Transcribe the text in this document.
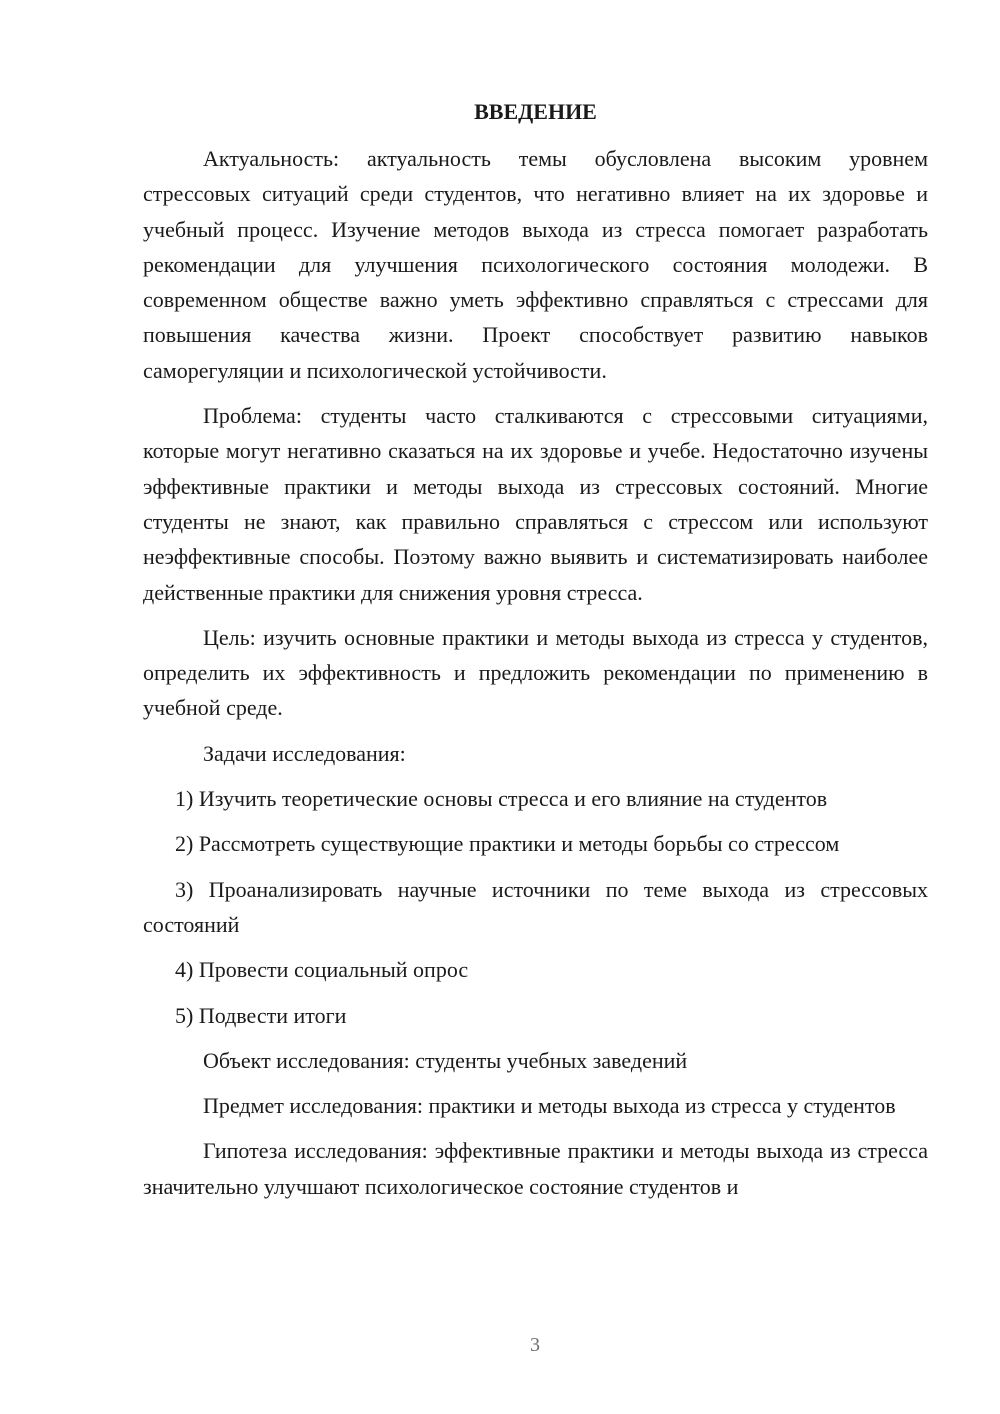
ВВЕДЕНИЕ

Актуальность: актуальность темы обусловлена высоким уровнем стрессовых ситуаций среди студентов, что негативно влияет на их здоровье и учебный процесс. Изучение методов выхода из стресса помогает разработать рекомендации для улучшения психологического состояния молодежи. В современном обществе важно уметь эффективно справляться с стрессами для повышения качества жизни. Проект способствует развитию навыков саморегуляции и психологической устойчивости.

Проблема: студенты часто сталкиваются с стрессовыми ситуациями, которые могут негативно сказаться на их здоровье и учебе. Недостаточно изучены эффективные практики и методы выхода из стрессовых состояний. Многие студенты не знают, как правильно справляться с стрессом или используют неэффективные способы. Поэтому важно выявить и систематизировать наиболее действенные практики для снижения уровня стресса.

Цель: изучить основные практики и методы выхода из стресса у студентов, определить их эффективность и предложить рекомендации по применению в учебной среде.

Задачи исследования:

1) Изучить теоретические основы стресса и его влияние на студентов
2) Рассмотреть существующие практики и методы борьбы со стрессом
3) Проанализировать научные источники по теме выхода из стрессовых состояний
4) Провести социальный опрос
5) Подвести итоги

Объект исследования: студенты учебных заведений

Предмет исследования: практики и методы выхода из стресса у студентов

Гипотеза исследования: эффективные практики и методы выхода из стресса значительно улучшают психологическое состояние студентов и

3
